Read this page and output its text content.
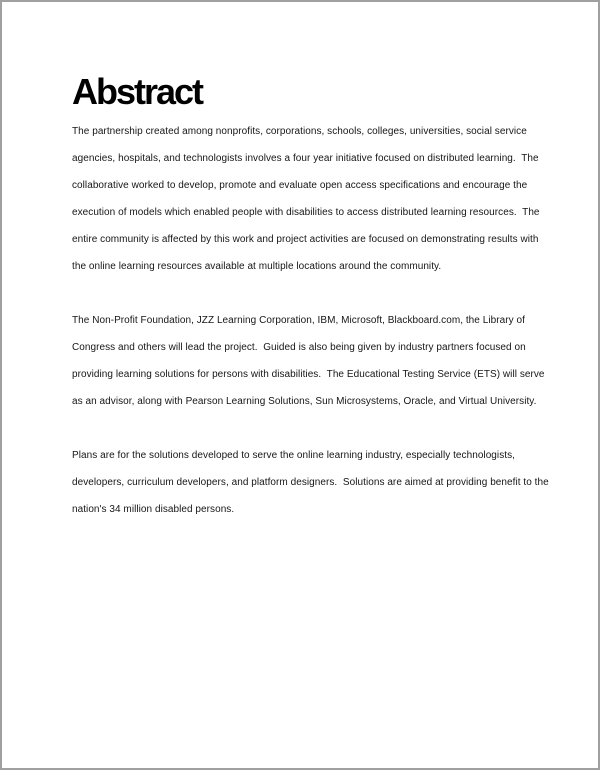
Abstract
The partnership created among nonprofits, corporations, schools, colleges, universities, social service
agencies, hospitals, and technologists involves a four year initiative focused on distributed learning.  The
collaborative worked to develop, promote and evaluate open access specifications and encourage the
execution of models which enabled people with disabilities to access distributed learning resources.  The
entire community is affected by this work and project activities are focused on demonstrating results with
the online learning resources available at multiple locations around the community.
The Non-Profit Foundation, JZZ Learning Corporation, IBM, Microsoft, Blackboard.com, the Library of
Congress and others will lead the project.  Guided is also being given by industry partners focused on
providing learning solutions for persons with disabilities.  The Educational Testing Service (ETS) will serve
as an advisor, along with Pearson Learning Solutions, Sun Microsystems, Oracle, and Virtual University.
Plans are for the solutions developed to serve the online learning industry, especially technologists,
developers, curriculum developers, and platform designers.  Solutions are aimed at providing benefit to the
nation's 34 million disabled persons.
